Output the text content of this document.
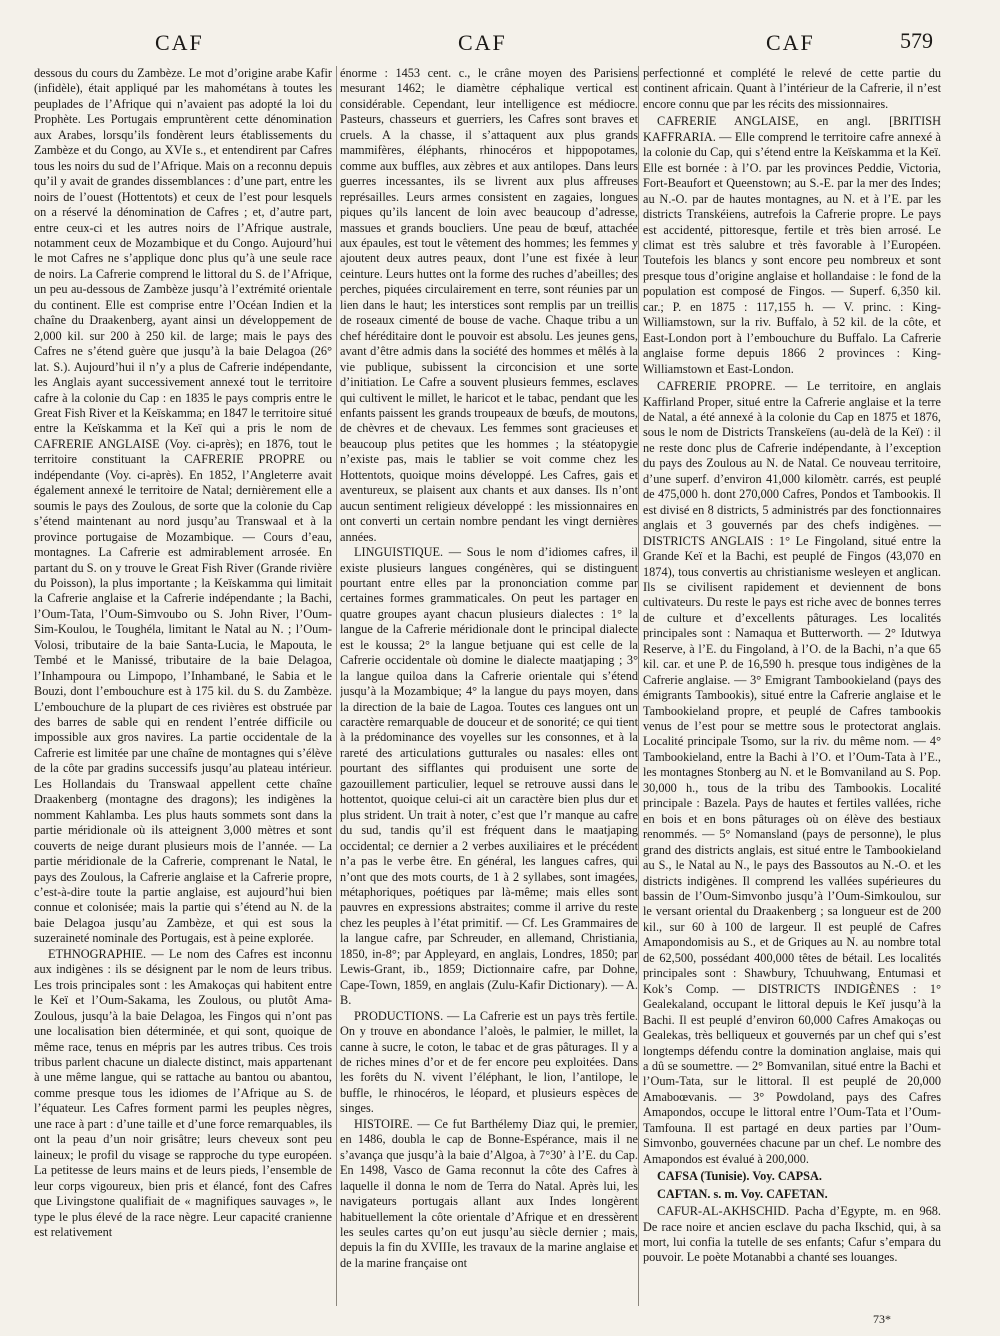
CAF	CAF	CAF	579

dessous du cours du Zambèze. Le mot d’origine arabe Kafir (infidèle), était appliqué par les mahométans à toutes les peuplades de l’Afrique qui n’avaient pas adopté la loi du Prophète. Les Portugais empruntèrent cette dénomination aux Arabes, lorsqu’ils fondèrent leurs établissements du Zambèze et du Congo, au XVIe s., et entendirent par Cafres tous les noirs du sud de l’Afrique. Mais on a reconnu depuis qu’il y avait de grandes dissemblances : d’une part, entre les noirs de l’ouest (Hottentots) et ceux de l’est pour lesquels on a réservé la dénomination de Cafres ; et, d’autre part, entre ceux-ci et les autres noirs de l’Afrique australe, notamment ceux de Mozambique et du Congo. Aujourd’hui le mot Cafres ne s’applique donc plus qu’à une seule race de noirs. La Cafrerie comprend le littoral du S. de l’Afrique, un peu au-dessous de Zambèze jusqu’à l’extrémité orientale du continent. Elle est comprise entre l’Océan Indien et la chaîne du Draakenberg, ayant ainsi un développement de 2,000 kil. sur 200 à 250 kil. de large; mais le pays des Cafres ne s’étend guère que jusqu’à la baie Delagoa (26° lat. S.). Aujourd’hui il n’y a plus de Cafrerie indépendante, les Anglais ayant successivement annexé tout le territoire cafre à la colonie du Cap : en 1835 le pays compris entre le Great Fish River et la Keïskamma; en 1847 le territoire situé entre la Keïskamma et la Keï qui a pris le nom de CAFRERIE ANGLAISE (Voy. ci-après); en 1876, tout le territoire constituant la CAFRERIE PROPRE ou indépendante (Voy. ci-après). En 1852, l’Angleterre avait également annexé le territoire de Natal; dernièrement elle a soumis le pays des Zoulous, de sorte que la colonie du Cap s’étend maintenant au nord jusqu’au Transwaal et à la province portugaise de Mozambique. — Cours d’eau, montagnes. La Cafrerie est admirablement arrosée. En partant du S. on y trouve le Great Fish River (Grande rivière du Poisson), la plus importante ; la Keïskamma qui limitait la Cafrerie anglaise et la Cafrerie indépendante ; la Bachi, l’Oum-Tata, l’Oum-Simvoubo ou S. John River, l’Oum-Sim-Koulou, le Toughéla, limitant le Natal au N. ; l’Oum-Volosi, tributaire de la baie Santa-Lucia, le Mapouta, le Tembé et le Manissé, tributaire de la baie Delagoa, l’Inhampoura ou Limpopo, l’Inhambané, le Sabia et le Bouzi, dont l’embouchure est à 175 kil. du S. du Zambèze. L’embouchure de la plupart de ces rivières est obstruée par des barres de sable qui en rendent l’entrée difficile ou impossible aux gros navires. La partie occidentale de la Cafrerie est limitée par une chaîne de montagnes qui s’élève de la côte par gradins successifs jusqu’au plateau intérieur. Les Hollandais du Transwaal appellent cette chaîne Draakenberg (montagne des dragons); les indigènes la nomment Kahlamba. Les plus hauts sommets sont dans la partie méridionale où ils atteignent 3,000 mètres et sont couverts de neige durant plusieurs mois de l’année. — La partie méridionale de la Cafrerie, comprenant le Natal, le pays des Zoulous, la Cafrerie anglaise et la Cafrerie propre, c’est-à-dire toute la partie anglaise, est aujourd’hui bien connue et colonisée; mais la partie qui s’étend au N. de la baie Delagoa jusqu’au Zambèze, et qui est sous la suzeraineté nominale des Portugais, est à peine explorée.

ETHNOGRAPHIE. — Le nom des Cafres est inconnu aux indigènes : ils se désignent par le nom de leurs tribus. Les trois principales sont : les Amakoças qui habitent entre le Keï et l’Oum-Sakama, les Zoulous, ou plutôt Ama-Zoulous, jusqu’à la baie Delagoa, les Fingos qui n’ont pas une localisation bien déterminée, et qui sont, quoique de même race, tenus en mépris par les autres tribus. Ces trois tribus parlent chacune un dialecte distinct, mais appartenant à une même langue, qui se rattache au bantou ou abantou, comme presque tous les idiomes de l’Afrique au S. de l’équateur. Les Cafres forment parmi les peuples nègres, une race à part : d’une taille et d’une force remarquables, ils ont la peau d’un noir grisâtre; leurs cheveux sont peu laineux; le profil du visage se rapproche du type européen. La petitesse de leurs mains et de leurs pieds, l’ensemble de leur corps vigoureux, bien pris et élancé, font des Cafres que Livingstone qualifiait de « magnifiques sauvages », le type le plus élevé de la race nègre. Leur capacité cranienne est relativement

énorme : 1453 cent. c., le crâne moyen des Parisiens mesurant 1462; le diamètre céphalique vertical est considérable. Cependant, leur intelligence est médiocre. Pasteurs, chasseurs et guerriers, les Cafres sont braves et cruels. A la chasse, il s’attaquent aux plus grands mammifères, éléphants, rhinocéros et hippopotames, comme aux buffles, aux zèbres et aux antilopes. Dans leurs guerres incessantes, ils se livrent aux plus affreuses représailles. Leurs armes consistent en zagaies, longues piques qu’ils lancent de loin avec beaucoup d’adresse, massues et grands boucliers. Une peau de bœuf, attachée aux épaules, est tout le vêtement des hommes; les femmes y ajoutent deux autres peaux, dont l’une est fixée à leur ceinture. Leurs huttes ont la forme des ruches d’abeilles; des perches, piquées circulairement en terre, sont réunies par un lien dans le haut; les interstices sont remplis par un treillis de roseaux cimenté de bouse de vache. Chaque tribu a un chef héréditaire dont le pouvoir est absolu. Les jeunes gens, avant d’être admis dans la société des hommes et mêlés à la vie publique, subissent la circoncision et une sorte d’initiation. Le Cafre a souvent plusieurs femmes, esclaves qui cultivent le millet, le haricot et le tabac, pendant que les enfants paissent les grands troupeaux de bœufs, de moutons, de chèvres et de chevaux. Les femmes sont gracieuses et beaucoup plus petites que les hommes ; la stéatopygie n’existe pas, mais le tablier se voit comme chez les Hottentots, quoique moins développé. Les Cafres, gais et aventureux, se plaisent aux chants et aux danses. Ils n’ont aucun sentiment religieux développé : les missionnaires en ont converti un certain nombre pendant les vingt dernières années.

LINGUISTIQUE. — Sous le nom d’idiomes cafres, il existe plusieurs langues congénères, qui se distinguent pourtant entre elles par la prononciation comme par certaines formes grammaticales. On peut les partager en quatre groupes ayant chacun plusieurs dialectes : 1° la langue de la Cafrerie méridionale dont le principal dialecte est le koussa; 2° la langue betjuane qui est celle de la Cafrerie occidentale où domine le dialecte maatjaping ; 3° la langue quiloa dans la Cafrerie orientale qui s’étend jusqu’à la Mozambique; 4° la langue du pays moyen, dans la direction de la baie de Lagoa. Toutes ces langues ont un caractère remarquable de douceur et de sonorité; ce qui tient à la prédominance des voyelles sur les consonnes, et à la rareté des articulations gutturales ou nasales: elles ont pourtant des sifflantes qui produisent une sorte de gazouillement particulier, lequel se retrouve aussi dans le hottentot, quoique celui-ci ait un caractère bien plus dur et plus strident. Un trait à noter, c’est que l’r manque au cafre du sud, tandis qu’il est fréquent dans le maatjaping occidental; ce dernier a 2 verbes auxiliaires et le précédent n’a pas le verbe être. En général, les langues cafres, qui n’ont que des mots courts, de 1 à 2 syllabes, sont imagées, métaphoriques, poétiques par là-même; mais elles sont pauvres en expressions abstraites; comme il arrive du reste chez les peuples à l’état primitif. — Cf. Les Grammaires de la langue cafre, par Schreuder, en allemand, Christiania, 1850, in-8°; par Appleyard, en anglais, Londres, 1850; par Lewis-Grant, ib., 1859; Dictionnaire cafre, par Dohne, Cape-Town, 1859, en anglais (Zulu-Kafir Dictionary). — A. B.

PRODUCTIONS. — La Cafrerie est un pays très fertile. On y trouve en abondance l’aloès, le palmier, le millet, la canne à sucre, le coton, le tabac et de gras pâturages. Il y a de riches mines d’or et de fer encore peu exploitées. Dans les forêts du N. vivent l’éléphant, le lion, l’antilope, le buffle, le rhinocéros, le léopard, et plusieurs espèces de singes.

HISTOIRE. — Ce fut Barthélemy Diaz qui, le premier, en 1486, doubla le cap de Bonne-Espérance, mais il ne s’avança que jusqu’à la baie d’Algoa, à 7°30’ à l’E. du Cap. En 1498, Vasco de Gama reconnut la côte des Cafres à laquelle il donna le nom de Terra do Natal. Après lui, les navigateurs portugais allant aux Indes longèrent habituellement la côte orientale d’Afrique et en dressèrent les seules cartes qu’on eut jusqu’au siècle dernier ; mais, depuis la fin du XVIIIe, les travaux de la marine anglaise et de la marine française ont

perfectionné et complété le relevé de cette partie du continent africain. Quant à l’intérieur de la Cafrerie, il n’est encore connu que par les récits des missionnaires.

CAFRERIE ANGLAISE, en angl. [BRITISH KAFFRARIA. — Elle comprend le territoire cafre annexé à la colonie du Cap, qui s’étend entre la Keïskamma et la Keï. Elle est bornée : à l’O. par les provinces Peddie, Victoria, Fort-Beaufort et Queenstown; au S.-E. par la mer des Indes; au N.-O. par de hautes montagnes, au N. et à l’E. par les districts Transkéiens, autrefois la Cafrerie propre. Le pays est accidenté, pittoresque, fertile et très bien arrosé. Le climat est très salubre et très favorable à l’Européen. Toutefois les blancs y sont encore peu nombreux et sont presque tous d’origine anglaise et hollandaise : le fond de la population est composé de Fingos. — Superf. 6,350 kil. car.; P. en 1875 : 117,155 h. — V. princ. : King-Williamstown, sur la riv. Buffalo, à 52 kil. de la côte, et East-London port à l’embouchure du Buffalo. La Cafrerie anglaise forme depuis 1866 2 provinces : King-Williamstown et East-London.

CAFRERIE PROPRE. — Le territoire, en anglais Kaffirland Proper, situé entre la Cafrerie anglaise et la terre de Natal, a été annexé à la colonie du Cap en 1875 et 1876, sous le nom de Districts Transkeïens (au-delà de la Keï) : il ne reste donc plus de Cafrerie indépendante, à l’exception du pays des Zoulous au N. de Natal. Ce nouveau territoire, d’une superf. d’environ 41,000 kilomètr. carrés, est peuplé de 475,000 h. dont 270,000 Cafres, Pondos et Tambookis. Il est divisé en 8 districts, 5 administrés par des fonctionnaires anglais et 3 gouvernés par des chefs indigènes. — DISTRICTS ANGLAIS : 1° Le Fingoland, situé entre la Grande Keï et la Bachi, est peuplé de Fingos (43,070 en 1874), tous convertis au christianisme wesleyen et anglican. Ils se civilisent rapidement et deviennent de bons cultivateurs. Du reste le pays est riche avec de bonnes terres de culture et d’excellents pâturages. Les localités principales sont : Namaqua et Butterworth. — 2° Idutwya Reserve, à l’E. du Fingoland, à l’O. de la Bachi, n’a que 65 kil. car. et une P. de 16,590 h. presque tous indigènes de la Cafrerie anglaise. — 3° Emigrant Tambookieland (pays des émigrants Tambookis), situé entre la Cafrerie anglaise et le Tambookieland propre, et peuplé de Cafres tambookis venus de l’est pour se mettre sous le protectorat anglais. Localité principale Tsomo, sur la riv. du même nom. — 4° Tambookieland, entre la Bachi à l’O. et l’Oum-Tata à l’E., les montagnes Stonberg au N. et le Bomvaniland au S. Pop. 30,000 h., tous de la tribu des Tambookis. Localité principale : Bazela. Pays de hautes et fertiles vallées, riche en bois et en bons pâturages où on élève des bestiaux renommés. — 5° Nomansland (pays de personne), le plus grand des districts anglais, est situé entre le Tambookieland au S., le Natal au N., le pays des Bassoutos au N.-O. et les districts indigènes. Il comprend les vallées supérieures du bassin de l’Oum-Simvonbo jusqu’à l’Oum-Simkoulou, sur le versant oriental du Draakenberg ; sa longueur est de 200 kil., sur 60 à 100 de largeur. Il est peuplé de Cafres Amapondomisis au S., et de Griques au N. au nombre total de 62,500, possédant 400,000 têtes de bétail. Les localités principales sont : Shawbury, Tchuuhwang, Entumasi et Kok’s Comp. — DISTRICTS INDIGÈNES : 1° Gealekaland, occupant le littoral depuis le Keï jusqu’à la Bachi. Il est peuplé d’environ 60,000 Cafres Amakoças ou Gealekas, très belliqueux et gouvernés par un chef qui s’est longtemps défendu contre la domination anglaise, mais qui a dû se soumettre. — 2° Bomvanilan, situé entre la Bachi et l’Oum-Tata, sur le littoral. Il est peuplé de 20,000 Amaboœvanis. — 3° Powdoland, pays des Cafres Amapondos, occupe le littoral entre l’Oum-Tata et l’Oum-Tamfouna. Il est partagé en deux parties par l’Oum-Simvonbo, gouvernées chacune par un chef. Le nombre des Amapondos est évalué à 200,000.

CAFSA (Tunisie). Voy. CAPSA.

CAFTAN. s. m. Voy. CAFETAN.

CAFUR-AL-AKHSCHID. Pacha d’Egypte, m. en 968. De race noire et ancien esclave du pacha Ikschid, qui, à sa mort, lui confia la tutelle de ses enfants; Cafur s’empara du pouvoir. Le poète Motanabbi a chanté ses louanges.

73*
